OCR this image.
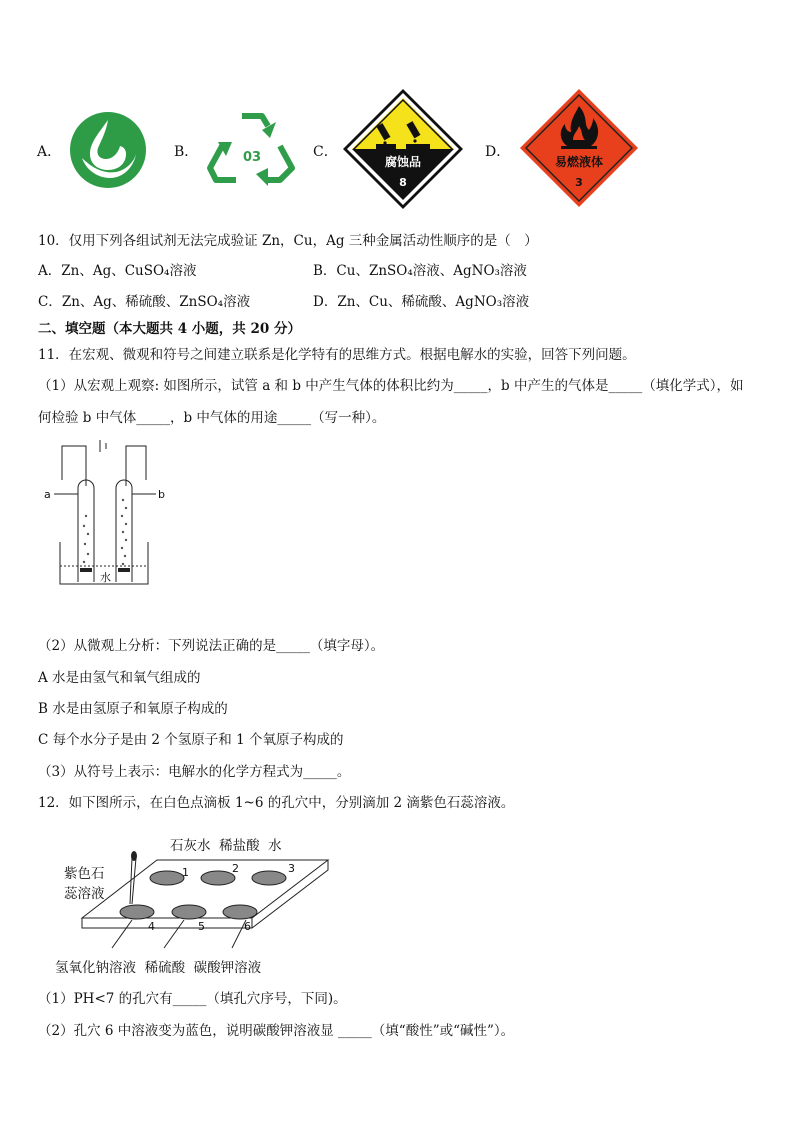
A．	B．	03	C．
腐蚀品
8
D．
易燃液体
3
10．仅用下列各组试剂无法完成验证 Zn，Cu，Ag 三种金属活动性顺序的是（　）
A．Zn、Ag、CuSO₄溶液	B．Cu、ZnSO₄溶液、AgNO₃溶液
C．Zn、Ag、稀硫酸、ZnSO₄溶液	D．Zn、Cu、稀硫酸、AgNO₃溶液
二、填空题（本大题共 4 小题，共 20 分）
11．在宏观、微观和符号之间建立联系是化学特有的思维方式。根据电解水的实验，回答下列问题。
（1）从宏观上观察: 如图所示，试管 a 和 b 中产生气体的体积比约为_____，b 中产生的气体是_____（填化学式），如
何检验 b 中气体_____，b 中气体的用途_____（写一种）。
a	b
水
（2）从微观上分析：下列说法正确的是_____（填字母）。
A 水是由氢气和氧气组成的
B 水是由氢原子和氧原子构成的
C 每个水分子是由 2 个氢原子和 1 个氧原子构成的
（3）从符号上表示：电解水的化学方程式为_____。
12．如下图所示，在白色点滴板 1~6 的孔穴中，分别滴加 2 滴紫色石蕊溶液。
1	2	3
4	5	6
石灰水  稀盐酸  水
紫色石
蕊溶液
氢氧化钠溶液  稀硫酸  碳酸钾溶液
（1）PH<7 的孔穴有_____（填孔穴序号，下同)。
（2）孔穴 6 中溶液变为蓝色，说明碳酸钾溶液显 _____（填“酸性”或“碱性”）。
